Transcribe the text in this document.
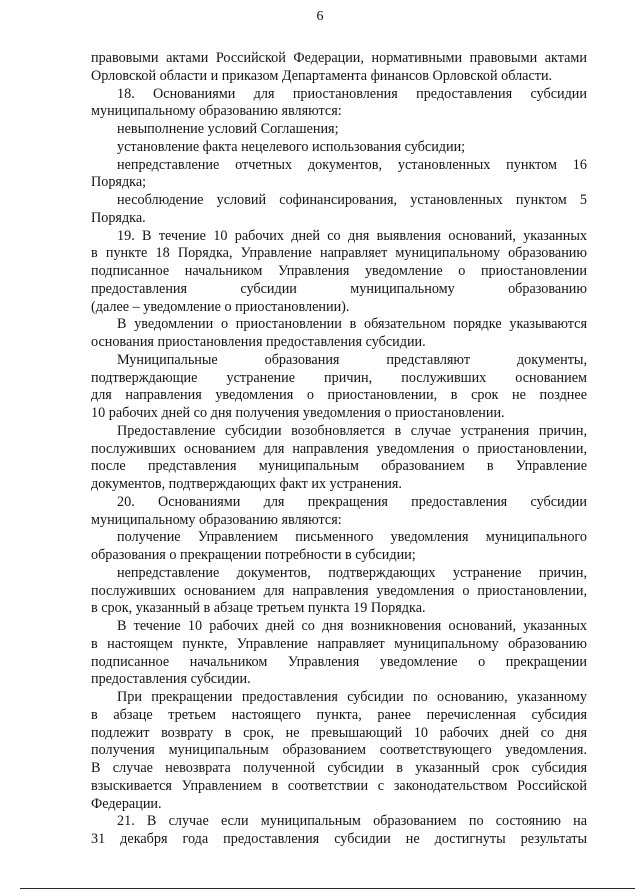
6
правовыми актами Российской Федерации, нормативными правовыми актами
Орловской области и приказом Департамента финансов Орловской области.
18. Основаниями для приостановления предоставления субсидии
муниципальному образованию являются:
невыполнение условий Соглашения;
установление факта нецелевого использования субсидии;
непредставление отчетных документов, установленных пунктом 16
Порядка;
несоблюдение условий софинансирования, установленных пунктом 5
Порядка.
19. В течение 10 рабочих дней со дня выявления оснований, указанных
в пункте 18 Порядка, Управление направляет муниципальному образованию
подписанное начальником Управления уведомление о приостановлении
предоставления субсидии муниципальному образованию
(далее – уведомление о приостановлении).
В уведомлении о приостановлении в обязательном порядке указываются
основания приостановления предоставления субсидии.
Муниципальные образования представляют документы,
подтверждающие устранение причин, послуживших основанием
для направления уведомления о приостановлении, в срок не позднее
10 рабочих дней со дня получения уведомления о приостановлении.
Предоставление субсидии возобновляется в случае устранения причин,
послуживших основанием для направления уведомления о приостановлении,
после представления муниципальным образованием в Управление
документов, подтверждающих факт их устранения.
20. Основаниями для прекращения предоставления субсидии
муниципальному образованию являются:
получение Управлением письменного уведомления муниципального
образования о прекращении потребности в субсидии;
непредставление документов, подтверждающих устранение причин,
послуживших основанием для направления уведомления о приостановлении,
в срок, указанный в абзаце третьем пункта 19 Порядка.
В течение 10 рабочих дней со дня возникновения оснований, указанных
в настоящем пункте, Управление направляет муниципальному образованию
подписанное начальником Управления уведомление о прекращении
предоставления субсидии.
При прекращении предоставления субсидии по основанию, указанному
в абзаце третьем настоящего пункта, ранее перечисленная субсидия
подлежит возврату в срок, не превышающий 10 рабочих дней со дня
получения муниципальным образованием соответствующего уведомления.
В случае невозврата полученной субсидии в указанный срок субсидия
взыскивается Управлением в соответствии с законодательством Российской
Федерации.
21. В случае если муниципальным образованием по состоянию на
31 декабря года предоставления субсидии не достигнуты результаты
